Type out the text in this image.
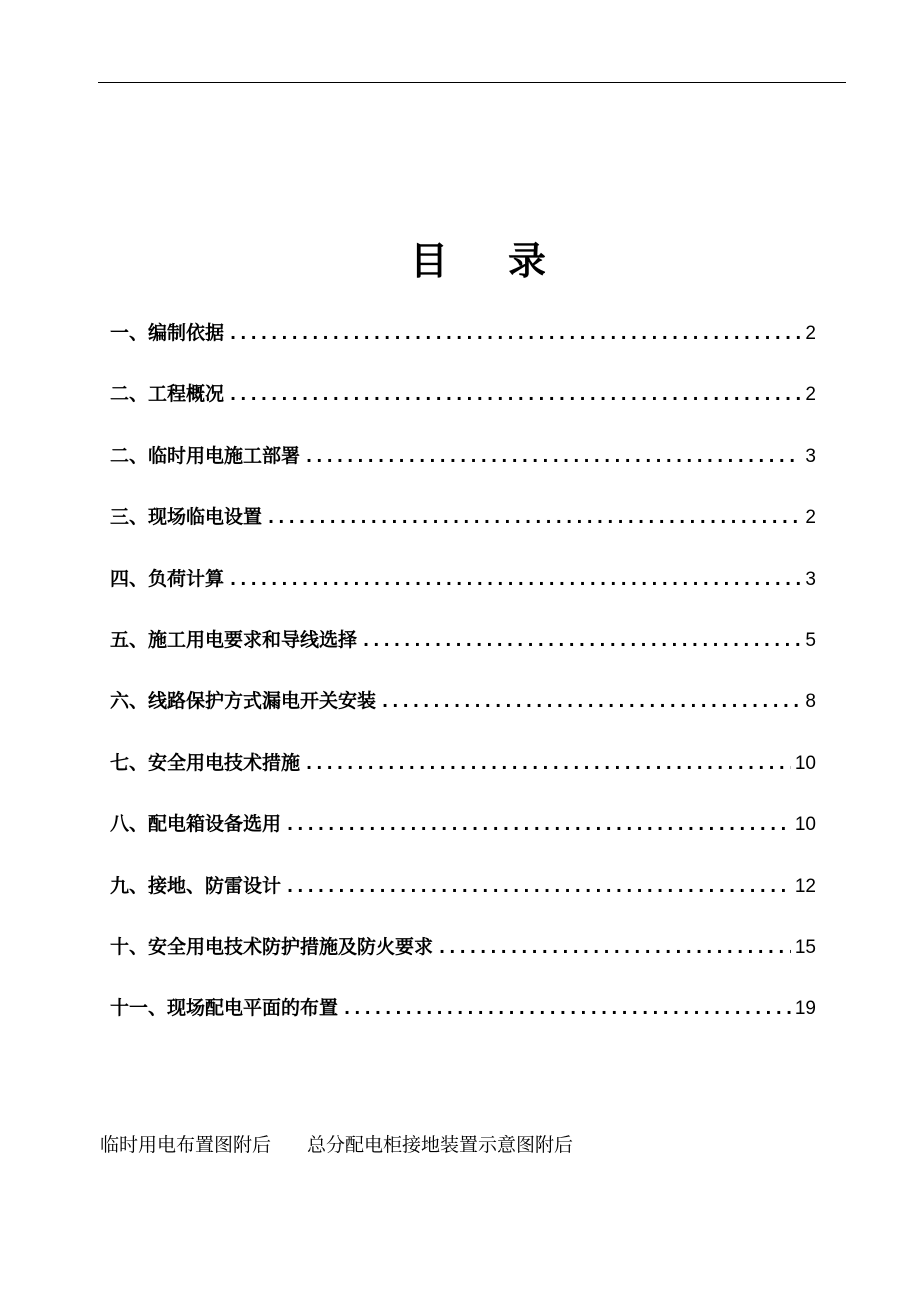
目 录
一、编制依据 .....	2
二、工程概况 .....	2
二、临时用电施工部署 .....	3
三、现场临电设置 .....	2
四、负荷计算 .....	3
五、施工用电要求和导线选择 .....	5
六、线路保护方式漏电开关安装 .....	8
七、安全用电技术措施 .....	10
八、配电箱设备选用 .....	10
九、接地、防雷设计 .....	12
十、安全用电技术防护措施及防火要求 .....	15
十一、现场配电平面的布置 .....	19
临时用电布置图附后 总分配电柜接地装置示意图附后
